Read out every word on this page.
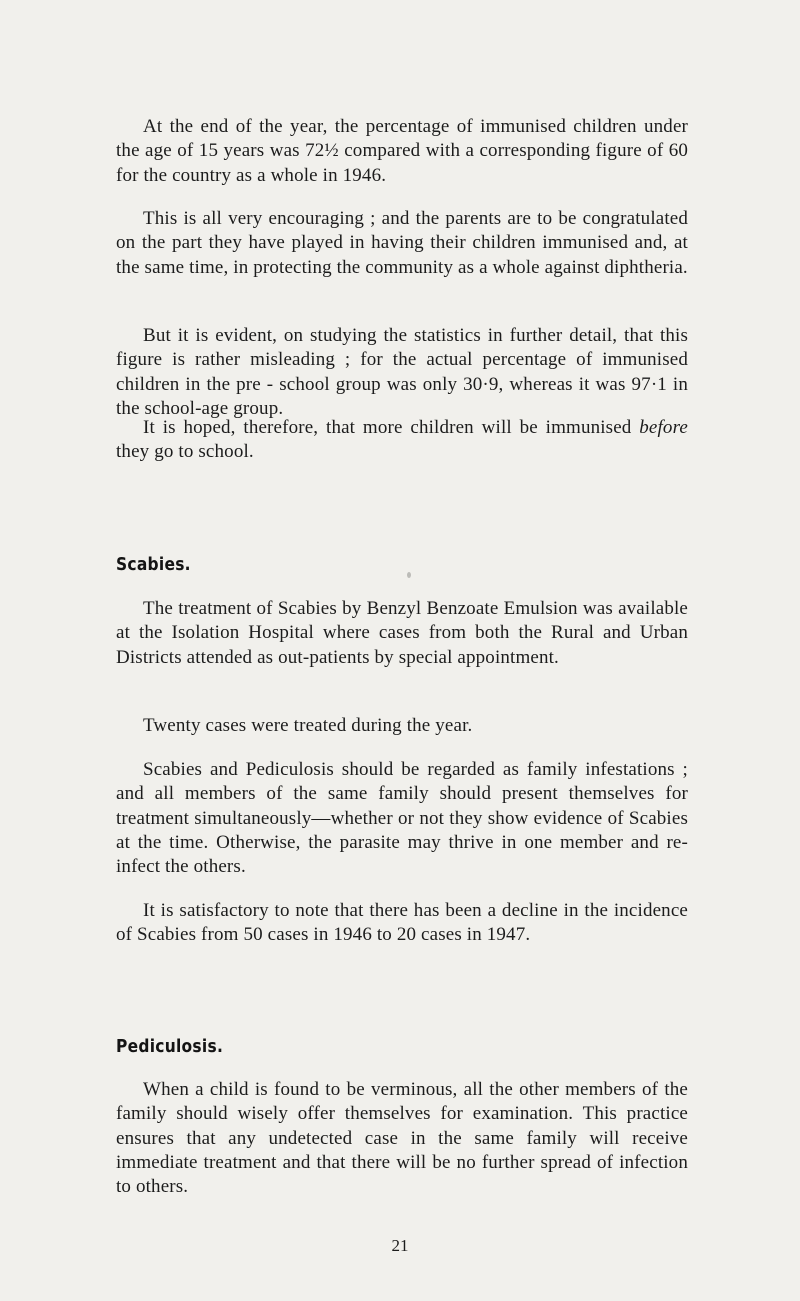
At the end of the year, the percentage of immunised children under the age of 15 years was 72½ compared with a corresponding figure of 60 for the country as a whole in 1946.

This is all very encouraging ; and the parents are to be congratulated on the part they have played in having their children immunised and, at the same time, in protecting the community as a whole against diphtheria.

But it is evident, on studying the statistics in further detail, that this figure is rather misleading ; for the actual percentage of immunised children in the pre - school group was only 30·9, whereas it was 97·1 in the school-age group.

It is hoped, therefore, that more children will be immunised before they go to school.

Scabies.

The treatment of Scabies by Benzyl Benzoate Emulsion was available at the Isolation Hospital where cases from both the Rural and Urban Districts attended as out-patients by special appointment.

Twenty cases were treated during the year.

Scabies and Pediculosis should be regarded as family infestations ; and all members of the same family should present themselves for treatment simultaneously—whether or not they show evidence of Scabies at the time. Otherwise, the parasite may thrive in one member and re-infect the others.

It is satisfactory to note that there has been a decline in the incidence of Scabies from 50 cases in 1946 to 20 cases in 1947.

Pediculosis.

When a child is found to be verminous, all the other members of the family should wisely offer themselves for examination. This practice ensures that any undetected case in the same family will receive immediate treatment and that there will be no further spread of infection to others.

21
